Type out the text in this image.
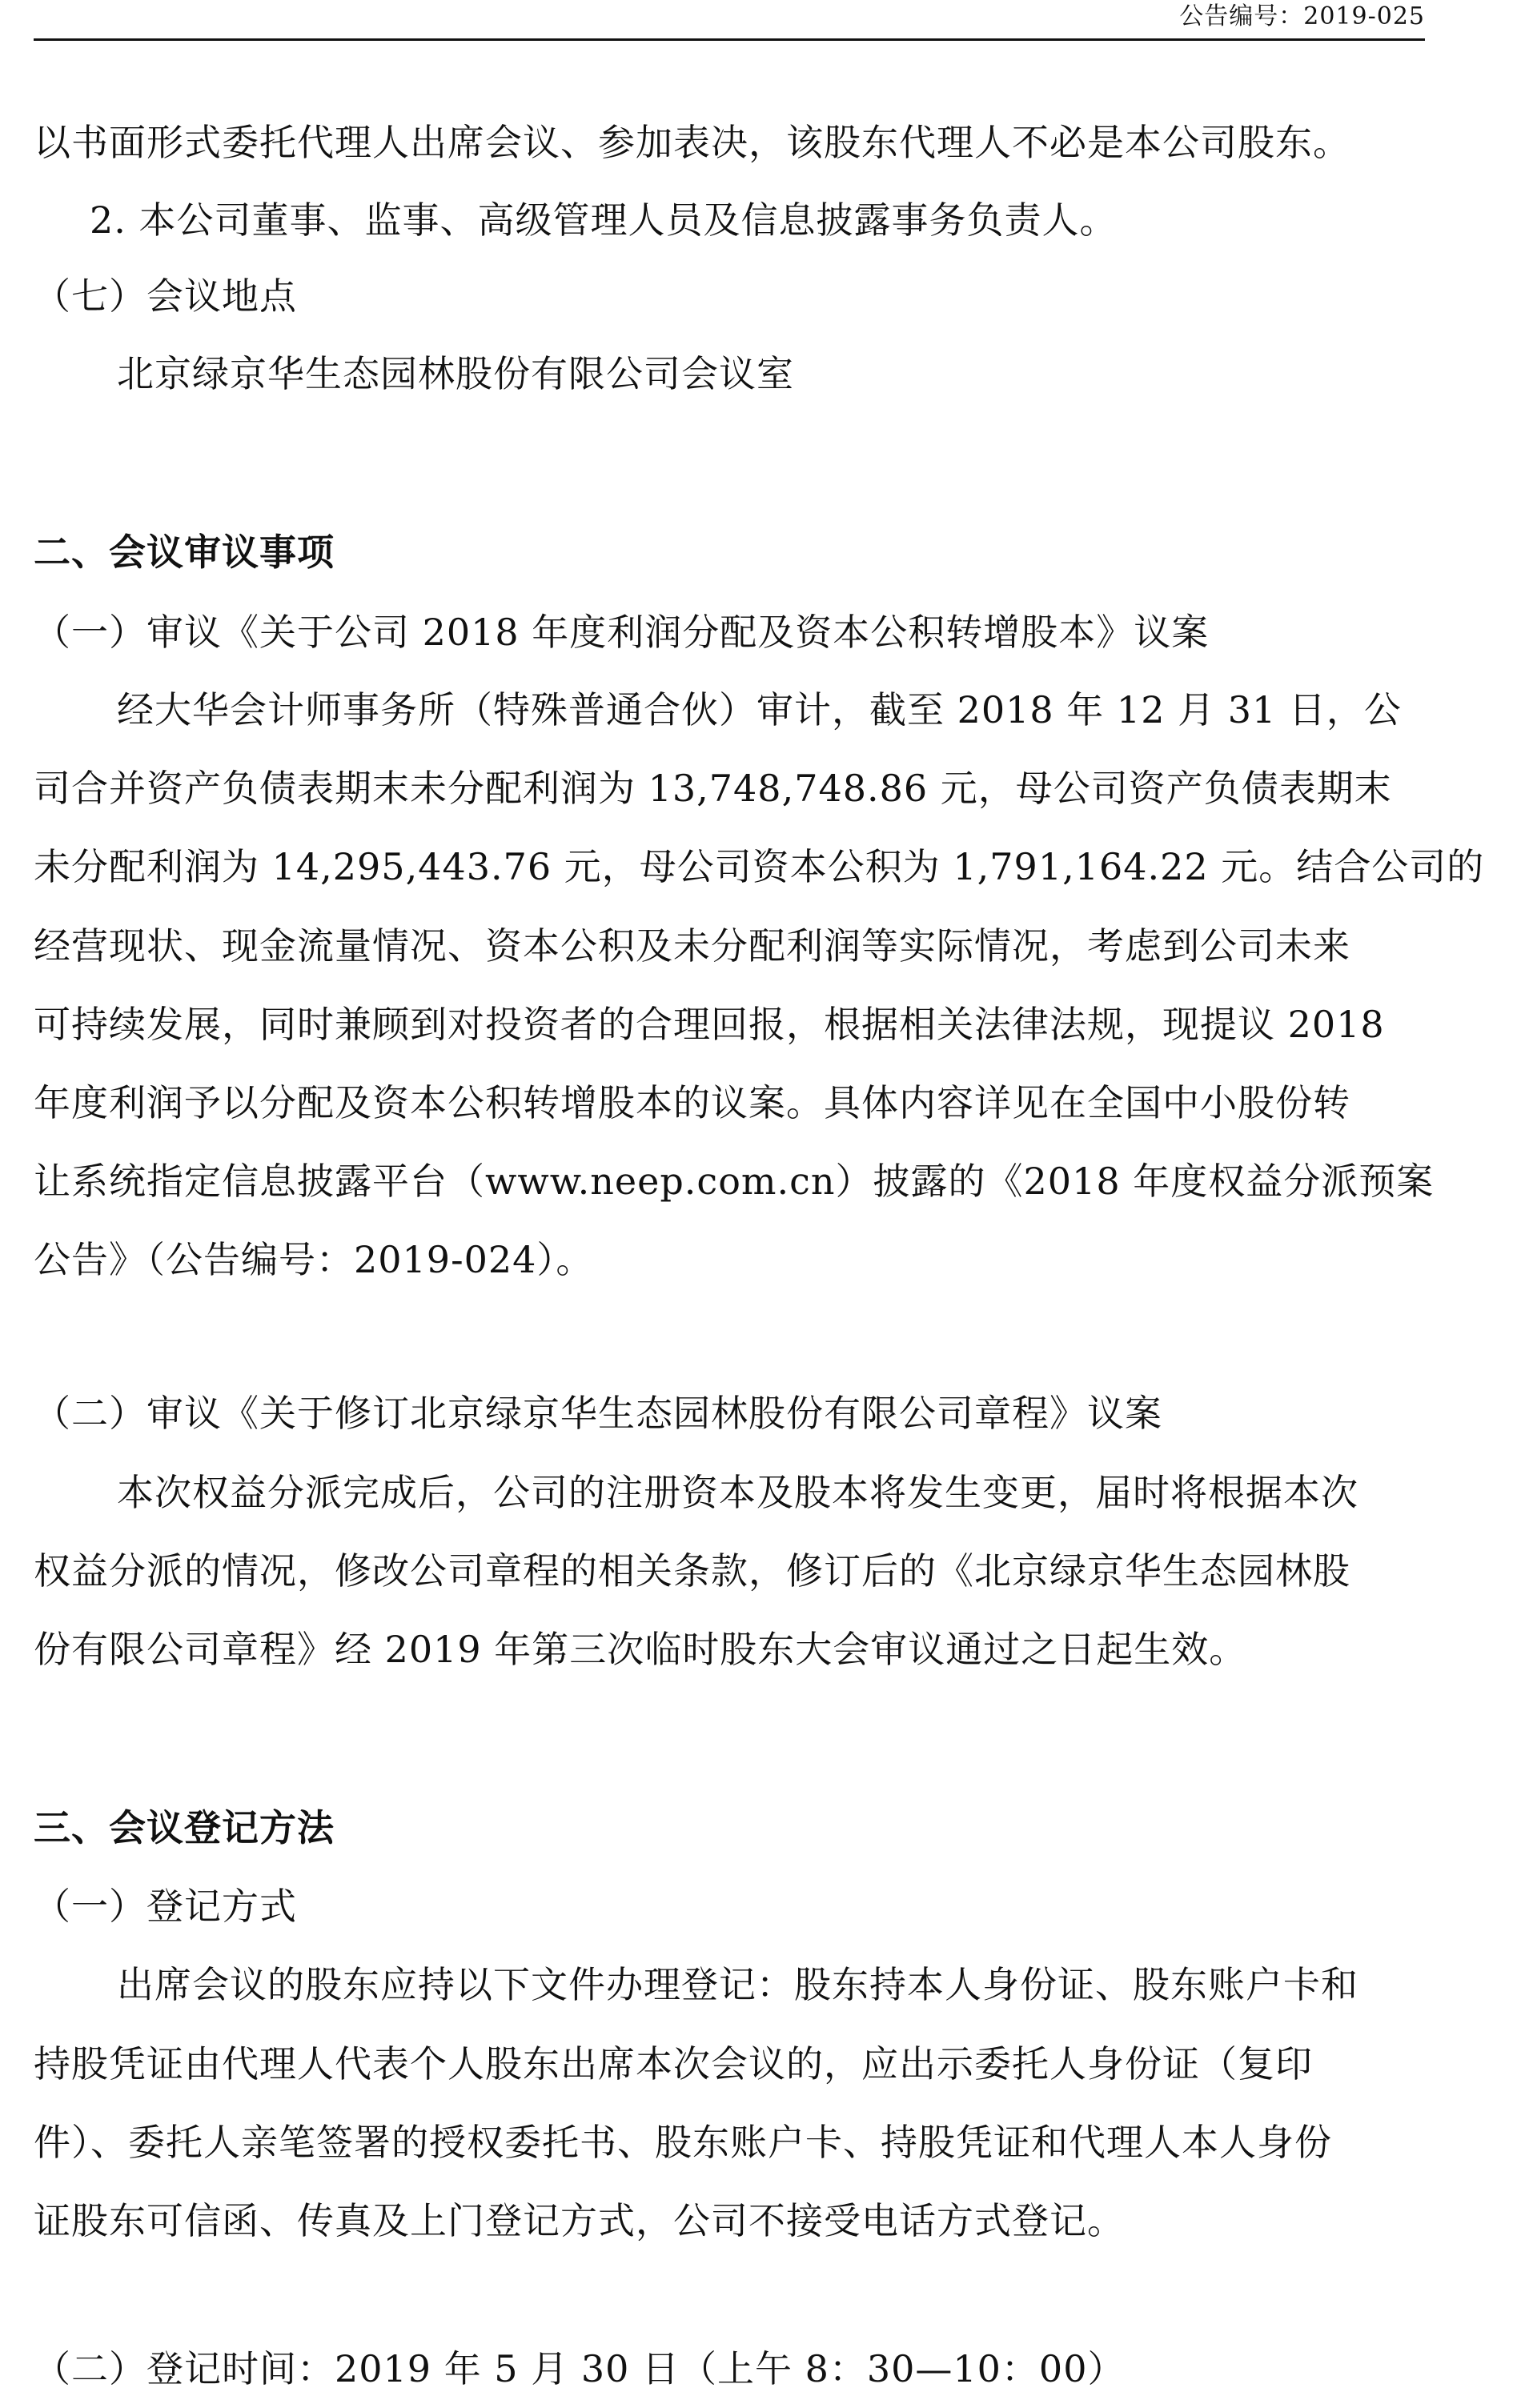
公告编号：2019-025
以书面形式委托代理人出席会议、参加表决，该股东代理人不必是本公司股东。
2. 本公司董事、监事、高级管理人员及信息披露事务负责人。
（七）会议地点
北京绿京华生态园林股份有限公司会议室
二、会议审议事项
（一）审议《关于公司 2018 年度利润分配及资本公积转增股本》议案
经大华会计师事务所（特殊普通合伙）审计，截至 2018 年 12 月 31 日，公
司合并资产负债表期末未分配利润为 13,748,748.86 元，母公司资产负债表期末
未分配利润为 14,295,443.76 元，母公司资本公积为 1,791,164.22 元。结合公司的
经营现状、现金流量情况、资本公积及未分配利润等实际情况，考虑到公司未来
可持续发展，同时兼顾到对投资者的合理回报，根据相关法律法规，现提议 2018
年度利润予以分配及资本公积转增股本的议案。具体内容详见在全国中小股份转
让系统指定信息披露平台（www.neep.com.cn）披露的《2018 年度权益分派预案
公告》（公告编号：2019-024）。
（二）审议《关于修订北京绿京华生态园林股份有限公司章程》议案
本次权益分派完成后，公司的注册资本及股本将发生变更，届时将根据本次
权益分派的情况，修改公司章程的相关条款，修订后的《北京绿京华生态园林股
份有限公司章程》经 2019 年第三次临时股东大会审议通过之日起生效。
三、会议登记方法
（一）登记方式
出席会议的股东应持以下文件办理登记：股东持本人身份证、股东账户卡和
持股凭证由代理人代表个人股东出席本次会议的，应出示委托人身份证（复印
件）、委托人亲笔签署的授权委托书、股东账户卡、持股凭证和代理人本人身份
证股东可信函、传真及上门登记方式，公司不接受电话方式登记。
（二）登记时间：2019 年 5 月 30 日（上午 8：30—10：00）
